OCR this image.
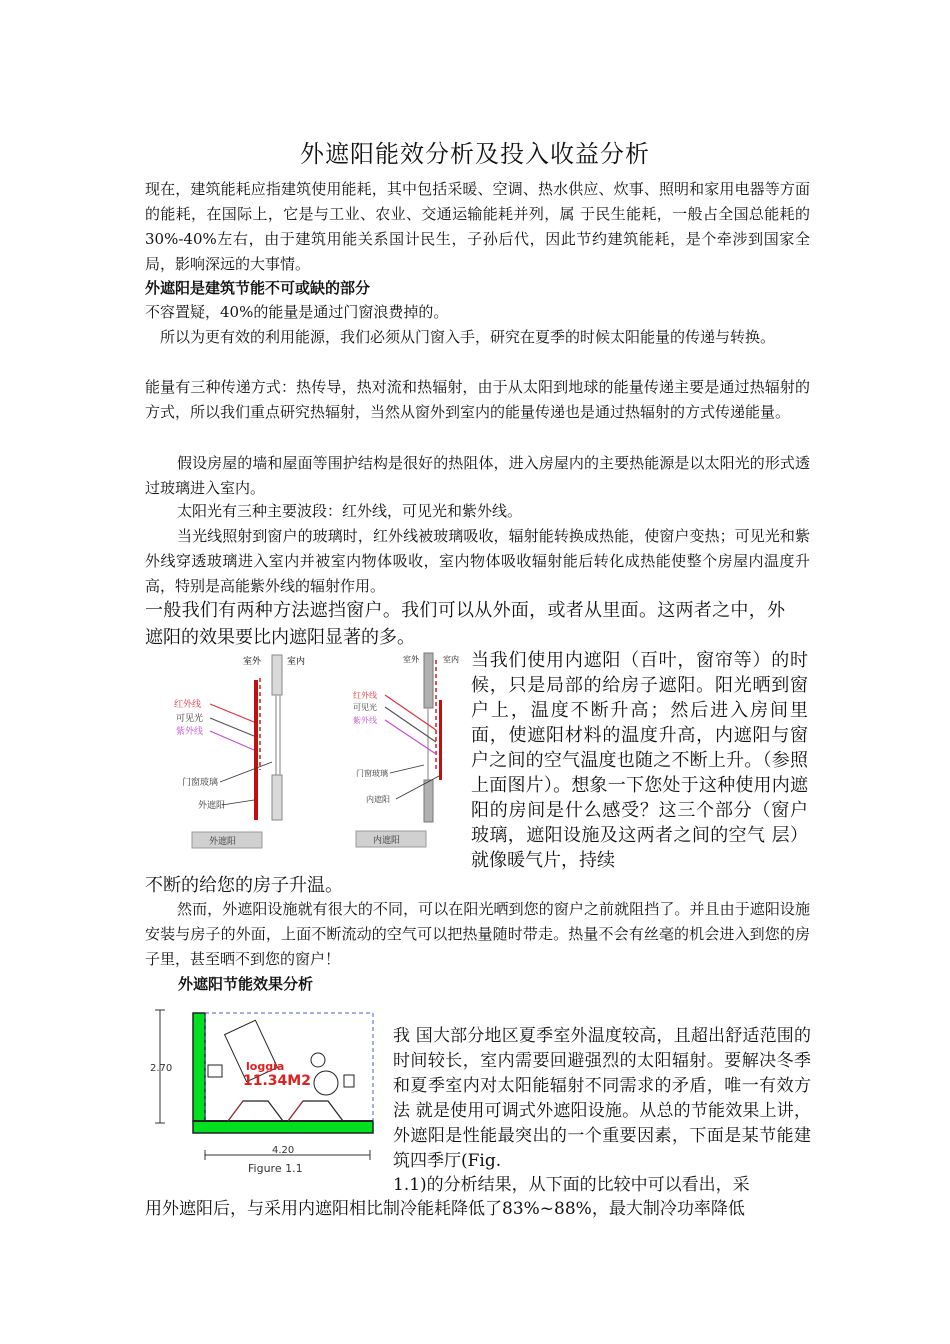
外遮阳能效分析及投入收益分析

现在，建筑能耗应指建筑使用能耗，其中包括采暖、空调、热水供应、炊事、照明和家用电器等方面的能耗，在国际上，它是与工业、农业、交通运输能耗并列，属 于民生能耗，一般占全国总能耗的30%-40%左右，由于建筑用能关系国计民生，子孙后代，因此节约建筑能耗，是个牵涉到国家全局，影响深远的大事情。

外遮阳是建筑节能不可或缺的部分

不容置疑，40%的能量是通过门窗浪费掉的。

所以为更有效的利用能源，我们必须从门窗入手，研究在夏季的时候太阳能量的传递与转换。

能量有三种传递方式：热传导，热对流和热辐射，由于从太阳到地球的能量传递主要是通过热辐射的方式，所以我们重点研究热辐射，当然从窗外到室内的能量传递也是通过热辐射的方式传递能量。

假设房屋的墙和屋面等围护结构是很好的热阻体，进入房屋内的主要热能源是以太阳光的形式透过玻璃进入室内。

太阳光有三种主要波段：红外线，可见光和紫外线。

当光线照射到窗户的玻璃时，红外线被玻璃吸收，辐射能转换成热能，使窗户变热；可见光和紫外线穿透玻璃进入室内并被室内物体吸收，室内物体吸收辐射能后转化成热能使整个房屋内温度升高，特别是高能紫外线的辐射作用。

一般我们有两种方法遮挡窗户。我们可以从外面，或者从里面。这两者之中，外遮阳的效果要比内遮阳显著的多。

室外	室内
红外线
可见光
紫外线
门窗玻璃
外遮阳
外遮阳
室外	室内
红外线
可见光
紫外线
门窗玻璃
内遮阳
内遮阳

当我们使用内遮阳（百叶，窗帘等）的时候，只是局部的给房子遮阳。阳光晒到窗户上，温度不断升高；然后进入房间里面，使遮阳材料的温度升高，内遮阳与窗 户之间的空气温度也随之不断上升。（参照上面图片）。想象一下您处于这种使用内遮阳的房间是什么感受？这三个部分（窗户玻璃，遮阳设施及这两者之间的空气 层）就像暖气片，持续

不断的给您的房子升温。

然而，外遮阳设施就有很大的不同，可以在阳光晒到您的窗户之前就阻挡了。并且由于遮阳设施安装与房子的外面，上面不断流动的空气可以把热量随时带走。热量不会有丝毫的机会进入到您的房子里，甚至晒不到您的窗户！

外遮阳节能效果分析
2.70	loggia
11.34M2
4.20
Figure 1.1

我 国大部分地区夏季室外温度较高，且超出舒适范围的时间较长，室内需要回避强烈的太阳辐射。要解决冬季和夏季室内对太阳能辐射不同需求的矛盾，唯一有效方法 就是使用可调式外遮阳设施。从总的节能效果上讲，外遮阳是性能最突出的一个重要因素，下面是某节能建筑四季厅(Fig.

1.1)的分析结果，从下面的比较中可以看出，采

用外遮阳后，与采用内遮阳相比制冷能耗降低了83%~88%，最大制冷功率降低
